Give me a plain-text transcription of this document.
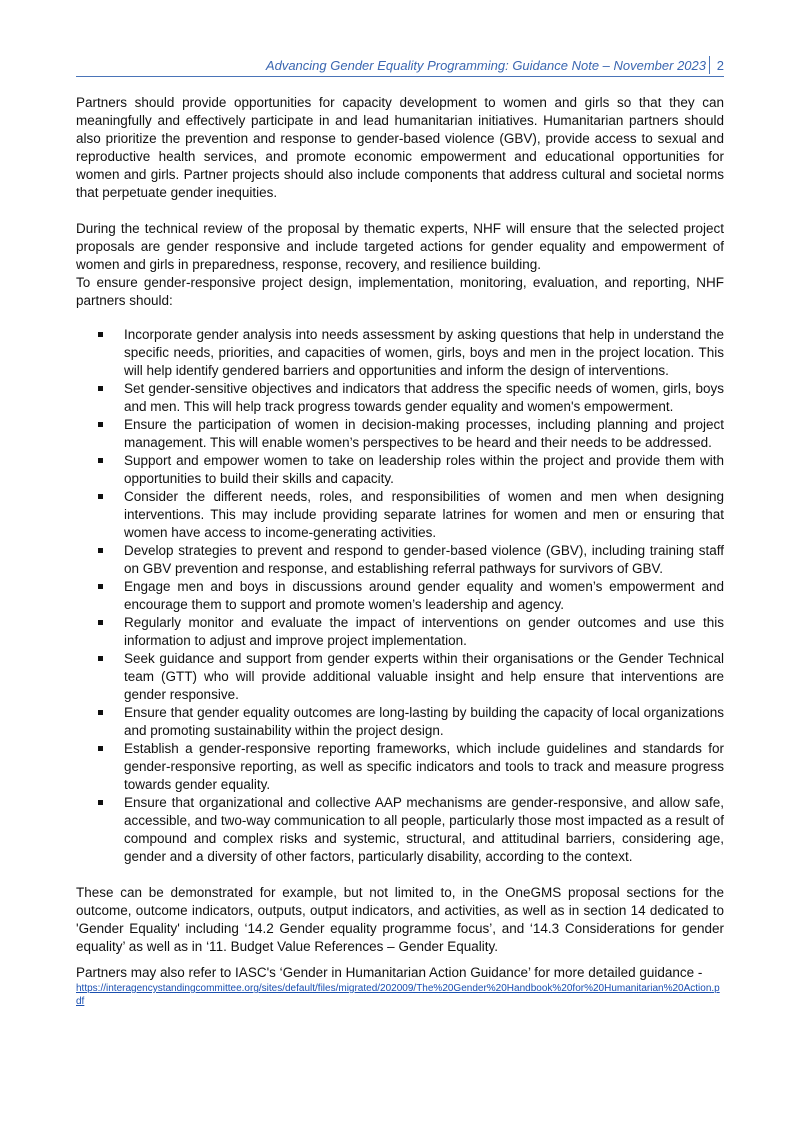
Advancing Gender Equality Programming: Guidance Note – November 2023 2

Partners should provide opportunities for capacity development to women and girls so that they can meaningfully and effectively participate in and lead humanitarian initiatives. Humanitarian partners should also prioritize the prevention and response to gender-based violence (GBV), provide access to sexual and reproductive health services, and promote economic empowerment and educational opportunities for women and girls. Partner projects should also include components that address cultural and societal norms that perpetuate gender inequities.

During the technical review of the proposal by thematic experts, NHF will ensure that the selected project proposals are gender responsive and include targeted actions for gender equality and empowerment of women and girls in preparedness, response, recovery, and resilience building.

To ensure gender-responsive project design, implementation, monitoring, evaluation, and reporting, NHF partners should:

Incorporate gender analysis into needs assessment by asking questions that help in understand the specific needs, priorities, and capacities of women, girls, boys and men in the project location. This will help identify gendered barriers and opportunities and inform the design of interventions.
Set gender-sensitive objectives and indicators that address the specific needs of women, girls, boys and men. This will help track progress towards gender equality and women's empowerment.
Ensure the participation of women in decision-making processes, including planning and project management. This will enable women’s perspectives to be heard and their needs to be addressed.
Support and empower women to take on leadership roles within the project and provide them with opportunities to build their skills and capacity.
Consider the different needs, roles, and responsibilities of women and men when designing interventions. This may include providing separate latrines for women and men or ensuring that women have access to income-generating activities.
Develop strategies to prevent and respond to gender-based violence (GBV), including training staff on GBV prevention and response, and establishing referral pathways for survivors of GBV.
Engage men and boys in discussions around gender equality and women’s empowerment and encourage them to support and promote women’s leadership and agency.
Regularly monitor and evaluate the impact of interventions on gender outcomes and use this information to adjust and improve project implementation.
Seek guidance and support from gender experts within their organisations or the Gender Technical team (GTT) who will provide additional valuable insight and help ensure that interventions are gender responsive.
Ensure that gender equality outcomes are long-lasting by building the capacity of local organizations and promoting sustainability within the project design.
Establish a gender-responsive reporting frameworks, which include guidelines and standards for gender-responsive reporting, as well as specific indicators and tools to track and measure progress towards gender equality.
Ensure that organizational and collective AAP mechanisms are gender-responsive, and allow safe, accessible, and two-way communication to all people, particularly those most impacted as a result of compound and complex risks and systemic, structural, and attitudinal barriers, considering age, gender and a diversity of other factors, particularly disability, according to the context.

These can be demonstrated for example, but not limited to, in the OneGMS proposal sections for the outcome, outcome indicators, outputs, output indicators, and activities, as well as in section 14 dedicated to 'Gender Equality' including ‘14.2 Gender equality programme focus’, and ‘14.3 Considerations for gender equality’ as well as in ‘11. Budget Value References – Gender Equality.

Partners may also refer to IASC's ‘Gender in Humanitarian Action Guidance’ for more detailed guidance -

https://interagencystandingcommittee.org/sites/default/files/migrated/202009/The%20Gender%20Handbook%20for%20Humanitarian%20Action.pdf
